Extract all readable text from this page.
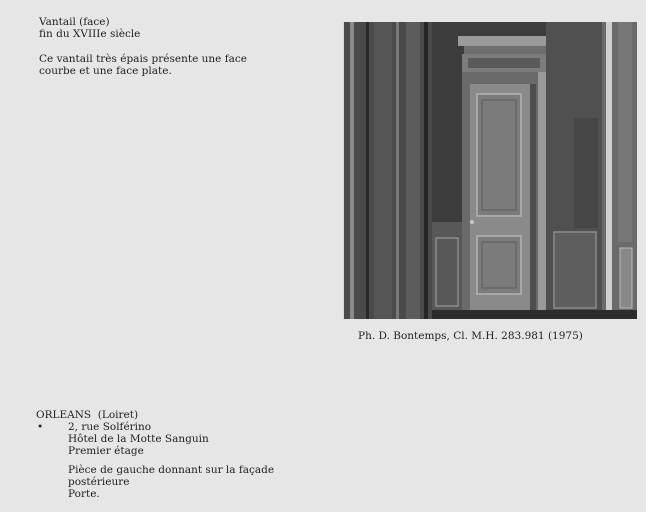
Vantail (face)
fin du XVIIIe siècle
Ce vantail très épais présente une face
courbe et une face plate.
Ph. D. Bontemps, Cl. M.H. 283.981 (1975)
ORLEANS  (Loiret)
• 2, rue Solférino
Hôtel de la Motte Sanguin
Premier étage
Pièce de gauche donnant sur la façade
postérieure
Porte.
